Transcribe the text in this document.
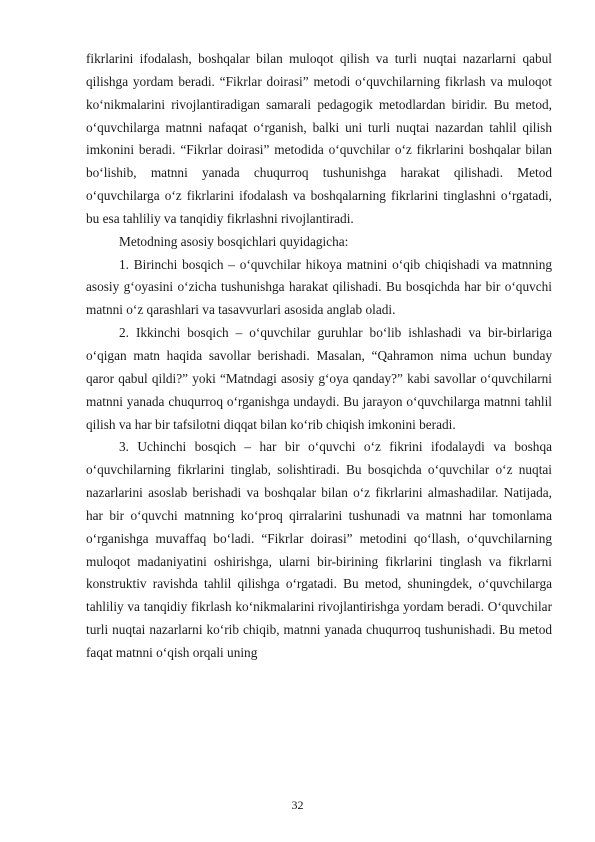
fikrlarini ifodalash, boshqalar bilan muloqot qilish va turli nuqtai nazarlarni qabul qilishga yordam beradi. “Fikrlar doirasi” metodi o‘quvchilarning fikrlash va muloqot ko‘nikmalarini rivojlantiradigan samarali pedagogik metodlardan biridir. Bu metod, o‘quvchilarga matnni nafaqat o‘rganish, balki uni turli nuqtai nazardan tahlil qilish imkonini beradi. “Fikrlar doirasi” metodida o‘quvchilar o‘z fikrlarini boshqalar bilan bo‘lishib, matnni yanada chuqurroq tushunishga harakat qilishadi. Metod o‘quvchilarga o‘z fikrlarini ifodalash va boshqalarning fikrlarini tinglashni o‘rgatadi, bu esa tahliliy va tanqidiy fikrlashni rivojlantiradi.

Metodning asosiy bosqichlari quyidagicha:

1. Birinchi bosqich – o‘quvchilar hikoya matnini o‘qib chiqishadi va matnning asosiy g‘oyasini o‘zicha tushunishga harakat qilishadi. Bu bosqichda har bir o‘quvchi matnni o‘z qarashlari va tasavvurlari asosida anglab oladi.

2. Ikkinchi bosqich – o‘quvchilar guruhlar bo‘lib ishlashadi va bir-birlariga o‘qigan matn haqida savollar berishadi. Masalan, “Qahramon nima uchun bunday qaror qabul qildi?” yoki “Matndagi asosiy g‘oya qanday?” kabi savollar o‘quvchilarni matnni yanada chuqurroq o‘rganishga undaydi. Bu jarayon o‘quvchilarga matnni tahlil qilish va har bir tafsilotni diqqat bilan ko‘rib chiqish imkonini beradi.

3. Uchinchi bosqich – har bir o‘quvchi o‘z fikrini ifodalaydi va boshqa o‘quvchilarning fikrlarini tinglab, solishtiradi. Bu bosqichda o‘quvchilar o‘z nuqtai nazarlarini asoslab berishadi va boshqalar bilan o‘z fikrlarini almashadilar. Natijada, har bir o‘quvchi matnning ko‘proq qirralarini tushunadi va matnni har tomonlama o‘rganishga muvaffaq bo‘ladi. “Fikrlar doirasi” metodini qo‘llash, o‘quvchilarning muloqot madaniyatini oshirishga, ularni bir-birining fikrlarini tinglash va fikrlarni konstruktiv ravishda tahlil qilishga o‘rgatadi. Bu metod, shuningdek, o‘quvchilarga tahliliy va tanqidiy fikrlash ko‘nikmalarini rivojlantirishga yordam beradi. O‘quvchilar turli nuqtai nazarlarni ko‘rib chiqib, matnni yanada chuqurroq tushunishadi. Bu metod faqat matnni o‘qish orqali uning

32
